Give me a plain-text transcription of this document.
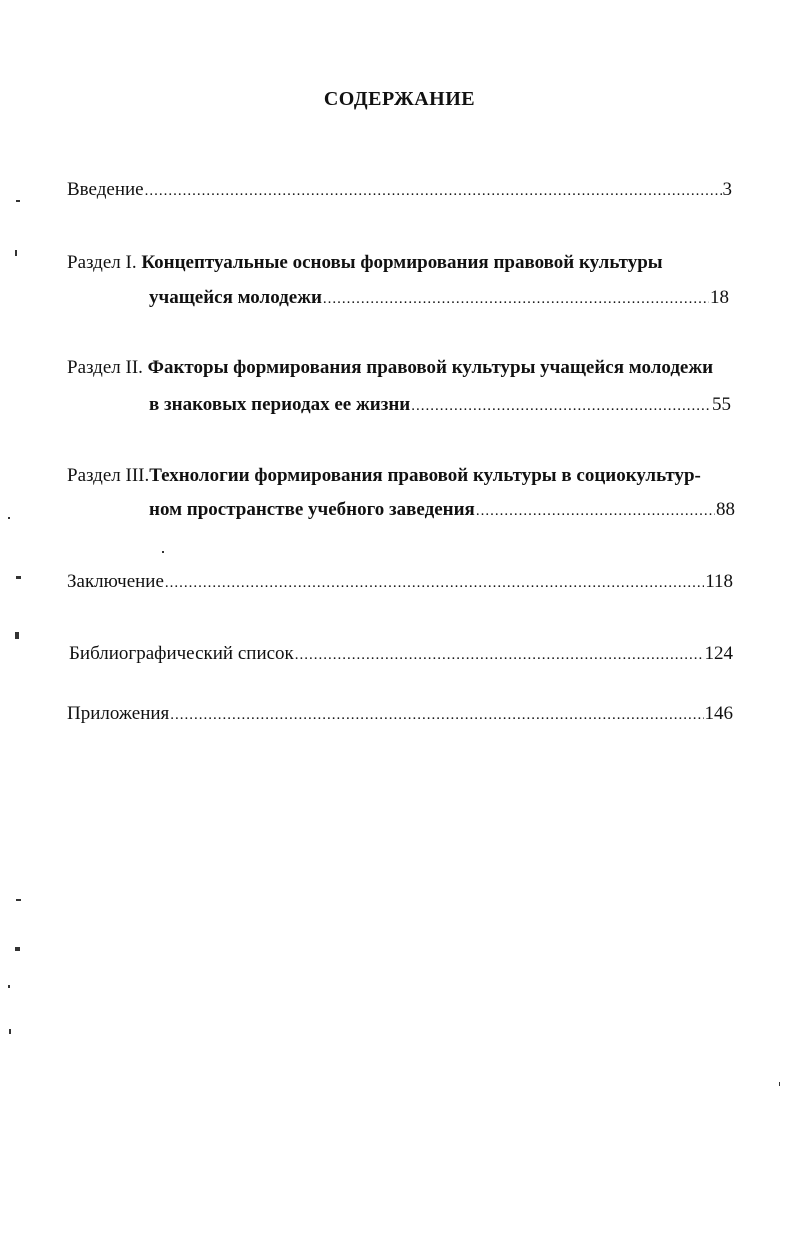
СОДЕРЖАНИЕ
Введение .....	3
Раздел I. Концептуальные основы формирования правовой культуры
учащейся молодежи .....	18
Раздел II. Факторы формирования правовой культуры учащейся молодежи
в знаковых периодах ее жизни .....	55
Раздел III.Технологии формирования правовой культуры в социокультур-
ном пространстве учебного заведения .....	88
Заключение .....	118
Библиографический список .....	124
Приложения .....	146
